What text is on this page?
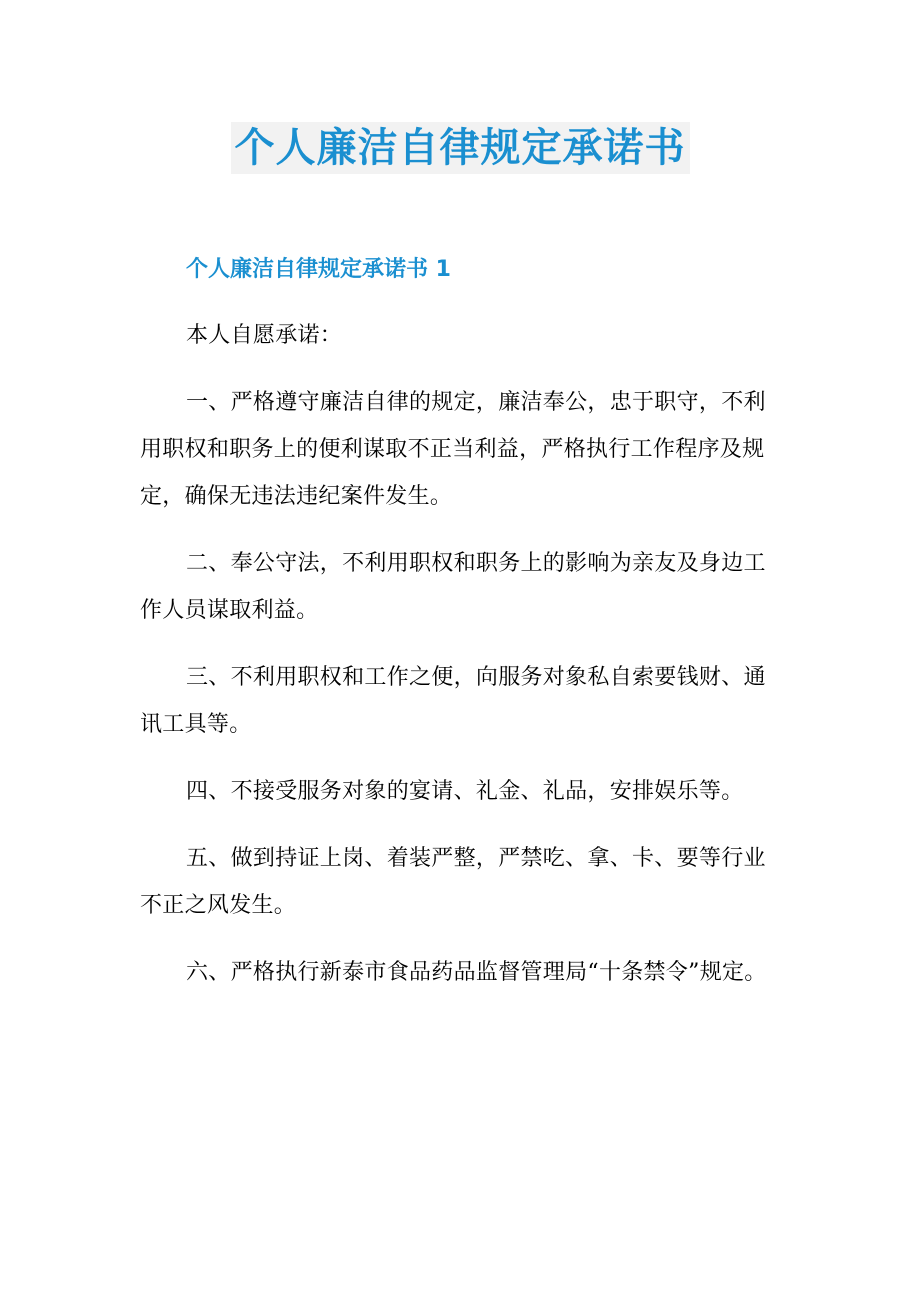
个人廉洁自律规定承诺书
个人廉洁自律规定承诺书 1

本人自愿承诺：

一、严格遵守廉洁自律的规定，廉洁奉公，忠于职守，不利用职权和职务上的便利谋取不正当利益，严格执行工作程序及规定，确保无违法违纪案件发生。

二、奉公守法，不利用职权和职务上的影响为亲友及身边工作人员谋取利益。

三、不利用职权和工作之便，向服务对象私自索要钱财、通讯工具等。

四、不接受服务对象的宴请、礼金、礼品，安排娱乐等。

五、做到持证上岗、着装严整，严禁吃、拿、卡、要等行业不正之风发生。

六、严格执行新泰市食品药品监督管理局“十条禁令”规定。
